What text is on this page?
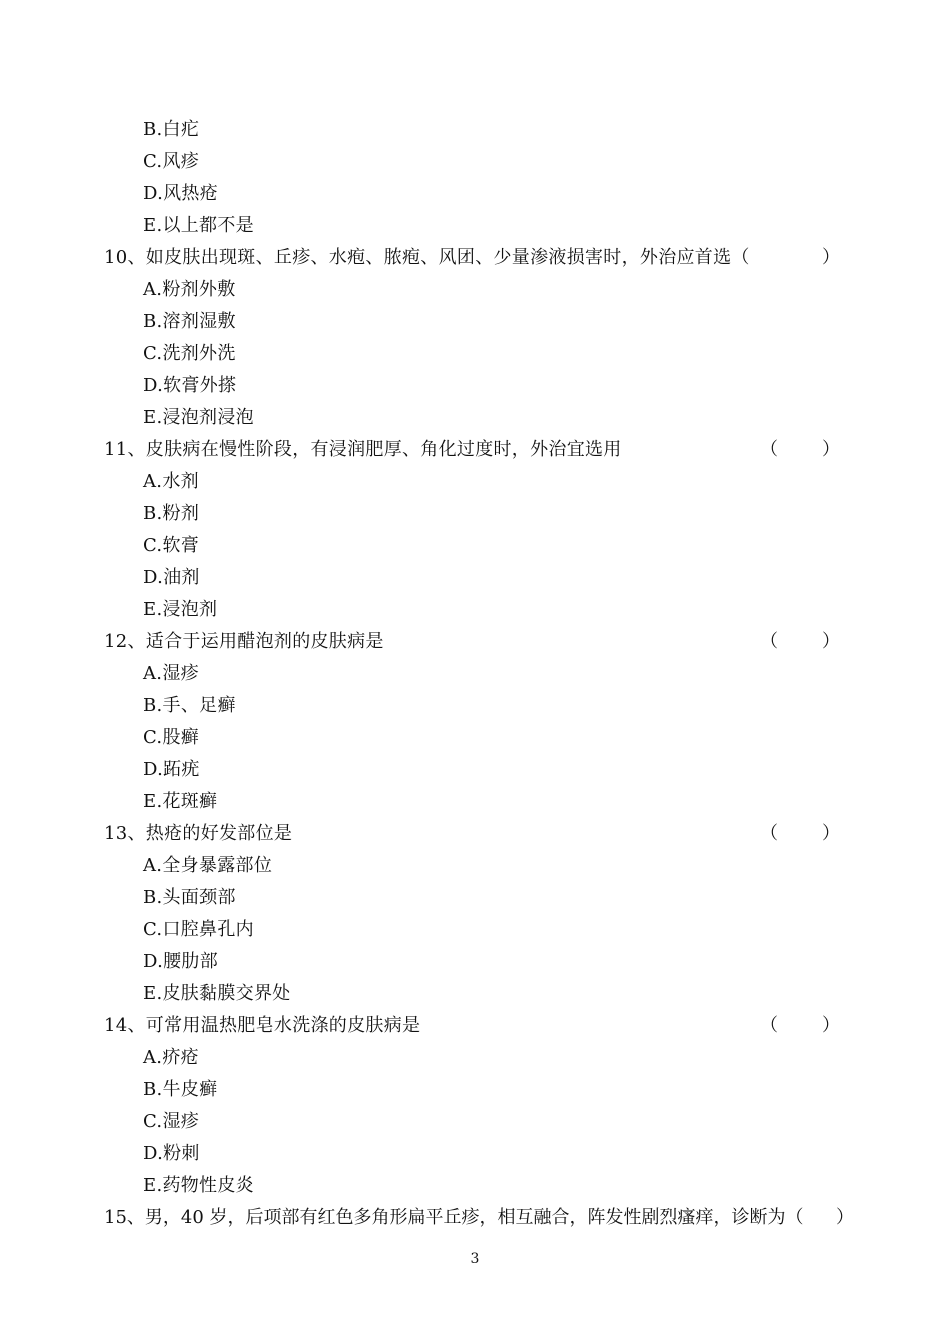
B.白疕
C.风疹
D.风热疮
E.以上都不是
10、如皮肤出现斑、丘疹、水疱、脓疱、风团、少量渗液损害时，外治应首选（	）
A.粉剂外敷
B.溶剂湿敷
C.洗剂外洗
D.软膏外搽
E.浸泡剂浸泡
11、皮肤病在慢性阶段，有浸润肥厚、角化过度时，外治宜选用	（ ）
A.水剂
B.粉剂
C.软膏
D.油剂
E.浸泡剂
12、适合于运用醋泡剂的皮肤病是	（ ）
A.湿疹
B.手、足癣
C.股癣
D.跖疣
E.花斑癣
13、热疮的好发部位是	（ ）
A.全身暴露部位
B.头面颈部
C.口腔鼻孔内
D.腰肋部
E.皮肤黏膜交界处
14、可常用温热肥皂水洗涤的皮肤病是	（ ）
A.疥疮
B.牛皮癣
C.湿疹
D.粉刺
E.药物性皮炎
15、男，40 岁，后项部有红色多角形扁平丘疹，相互融合，阵发性剧烈瘙痒，诊断为（ ）
3
